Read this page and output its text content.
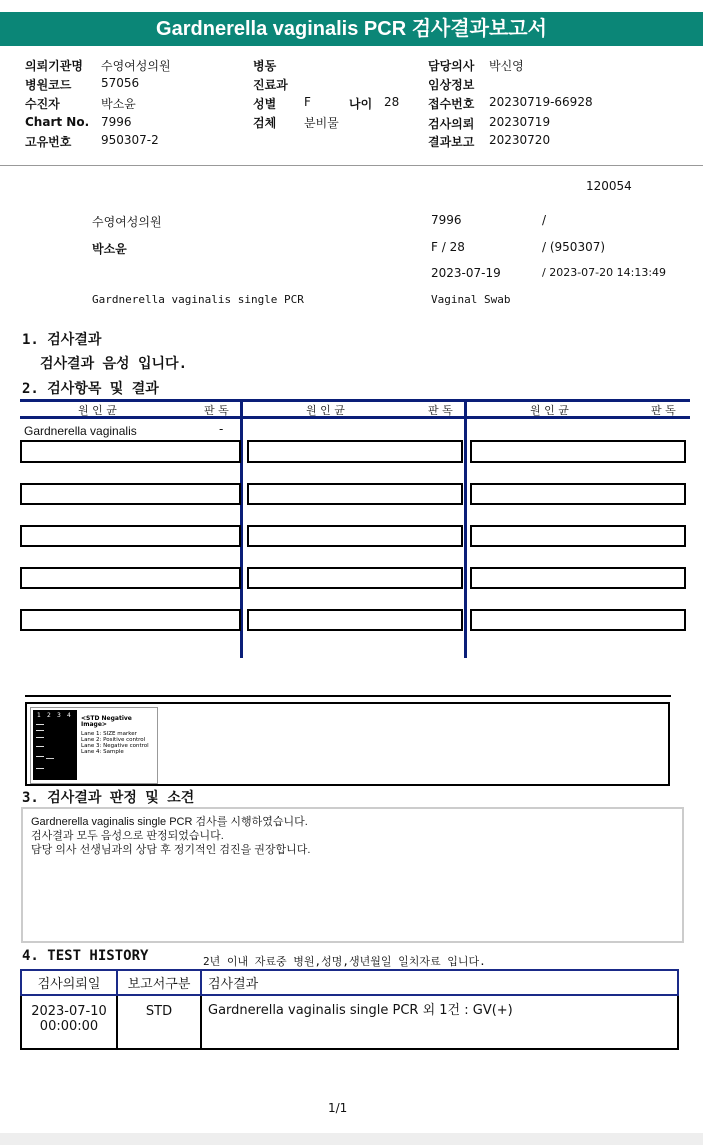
Gardnerella vaginalis PCR 검사결과보고서
의뢰기관명 수영여성의원
병원코드 57056
수진자	박소윤
Chart No. 7996
고유번호 950307-2
병동
진료과
성별 F	나이 28
검체 분비물
담당의사 박신영
임상정보
접수번호 20230719-66928
검사의뢰 20230719
결과보고 20230720
120054
수영여성의원	7996	/
박소윤	F / 28	/ (950307)
2023-07-19	/ 2023-07-20 14:13:49
Gardnerella vaginalis single PCR	Vaginal Swab
1. 검사결과
검사결과 음성 입니다.
2. 검사항목 및 결과
원 인 균	판 독	원 인 균	판 독	원 인 균	판 독
Gardnerella vaginalis	-
1 2 3 4 <STD Negative Image>
Lane 1: SIZE marker
Lane 2: Positive control
Lane 3: Negative control
Lane 4: Sample
3. 검사결과 판정 및 소견
Gardnerella vaginalis single PCR 검사를 시행하였습니다.
검사결과 모두 음성으로 판정되었습니다.
담당 의사 선생님과의 상담 후 정기적인 검진을 권장합니다.
4. TEST HISTORY	2년 이내 자료중 병원,성명,생년월일 일치자료 입니다.
검사의뢰일	보고서구분	검사결과

2023-07-10
00:00:00	STD	Gardnerella vaginalis single PCR 외 1건 : GV(+)
1/1
